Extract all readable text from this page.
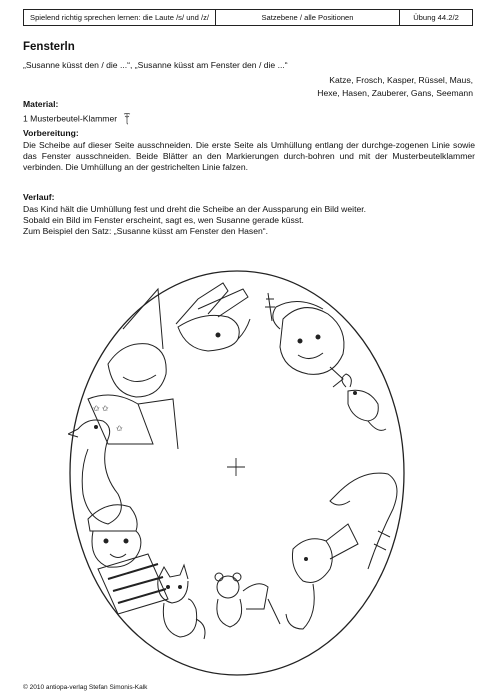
Spielend richtig sprechen lernen: die Laute /s/ und /z/	Satzebene / alle Positionen	Übung 44.2/2
Fensterln
„Susanne küsst den / die ...“, „Susanne küsst am Fenster den / die ...“
Katze, Frosch, Kasper, Rüssel, Maus,
Hexe, Hasen, Zauberer, Gans, Seemann
Material:
1 Musterbeutel-Klammer
Vorbereitung:
Die Scheibe auf dieser Seite ausschneiden. Die erste Seite als Umhüllung entlang der durchge-zogenen Linie sowie das Fenster ausschneiden. Beide Blätter an den Markierungen durch-bohren und mit der Musterbeutelklammer verbinden. Die Umhüllung an der gestrichelten Linie falzen.
Verlauf:
Das Kind hält die Umhüllung fest und dreht die Scheibe an der Aussparung ein Bild weiter.
Sobald ein Bild im Fenster erscheint, sagt es, wen Susanne gerade küsst.
Zum Beispiel den Satz: „Susanne küsst am Fenster den Hasen“.
✩ ✩
✩
© 2010 antiopa-verlag Stefan Simonis-Kalk
